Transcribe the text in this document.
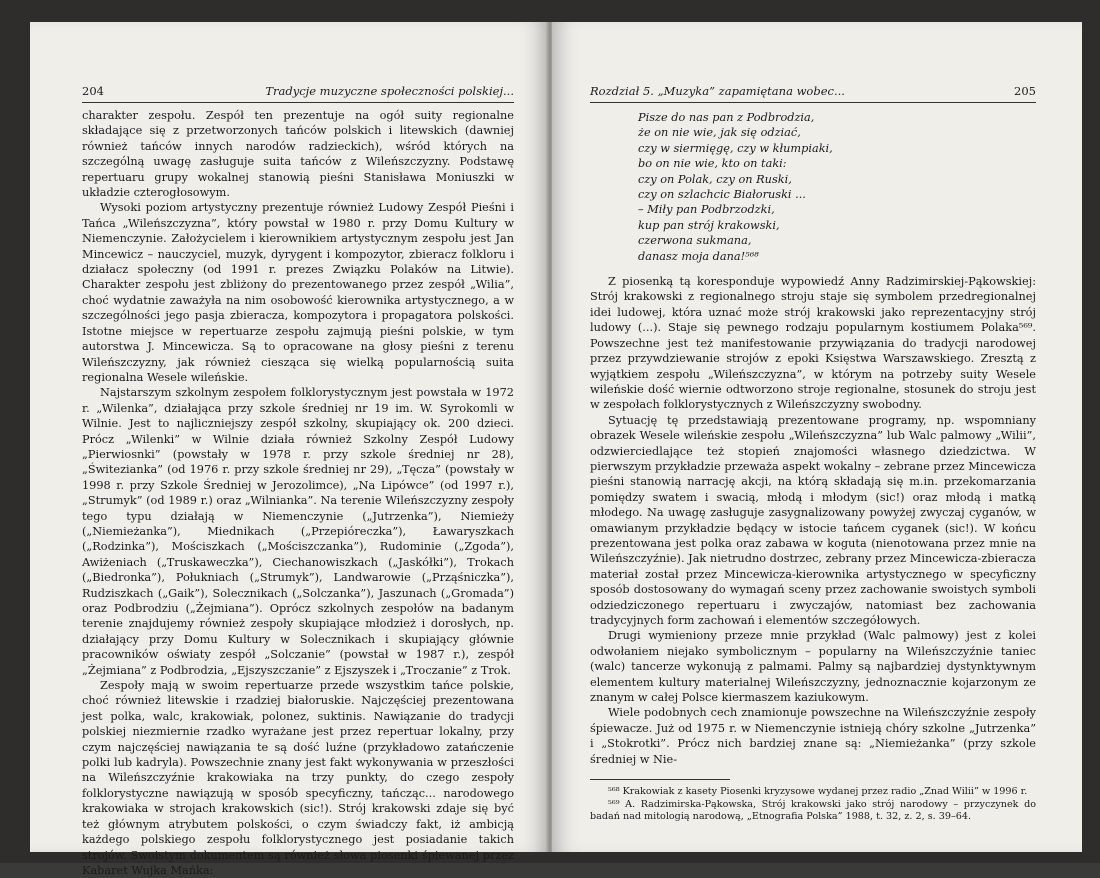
204	Tradycje muzyczne społeczności polskiej...

charakter zespołu. Zespół ten prezentuje na ogół suity regionalne składające się z przetworzonych tańców polskich i litewskich (dawniej również tańców innych narodów radzieckich), wśród których na szczególną uwagę zasługuje suita tańców z Wileńszczyzny. Podstawę repertuaru grupy wokalnej stanowią pieśni Stanisława Moniuszki w układzie czterogłosowym.

Wysoki poziom artystyczny prezentuje również Ludowy Zespół Pieśni i Tańca „Wileńszczyzna”, który powstał w 1980 r. przy Domu Kultury w Niemenczynie. Założycielem i kierownikiem artystycznym zespołu jest Jan Mincewicz – nauczyciel, muzyk, dyrygent i kompozytor, zbieracz folkloru i działacz społeczny (od 1991 r. prezes Związku Polaków na Litwie). Charakter zespołu jest zbliżony do prezentowanego przez zespół „Wilia”, choć wydatnie zaważyła na nim osobowość kierownika artystycznego, a w szczególności jego pasja zbieracza, kompozytora i propagatora polskości. Istotne miejsce w repertuarze zespołu zajmują pieśni polskie, w tym autorstwa J. Mincewicza. Są to opracowane na głosy pieśni z terenu Wileńszczyzny, jak również ciesząca się wielką popularnością suita regionalna Wesele wileńskie.

Najstarszym szkolnym zespołem folklorystycznym jest powstała w 1972 r. „Wilenka”, działająca przy szkole średniej nr 19 im. W. Syrokomli w Wilnie. Jest to najliczniejszy zespół szkolny, skupiający ok. 200 dzieci. Prócz „Wilenki” w Wilnie działa również Szkolny Zespół Ludowy „Pierwiosnki” (powstały w 1978 r. przy szkole średniej nr 28), „Świtezianka” (od 1976 r. przy szkole średniej nr 29), „Tęcza” (powstały w 1998 r. przy Szkole Średniej w Jerozolimce), „Na Lipówce” (od 1997 r.), „Strumyk” (od 1989 r.) oraz „Wilnianka”. Na terenie Wileńszczyzny zespoły tego typu działają w Niemenczynie („Jutrzenka”), Niemieży („Niemieżanka”), Miednikach („Przepióreczka”), Ławaryszkach („Rodzinka”), Mościszkach („Mościszczanka”), Rudominie („Zgoda”), Awiżeniach („Truskaweczka”), Ciechanowiszkach („Jaskółki”), Trokach („Biedronka”), Połukniach („Strumyk”), Landwarowie („Prząśniczka”), Rudziszkach („Gaik”), Solecznikach („Solczanka”), Jaszunach („Gromada”) oraz Podbrodziu („Żejmiana”). Oprócz szkolnych zespołów na badanym terenie znajdujemy również zespoły skupiające młodzież i dorosłych, np. działający przy Domu Kultury w Solecznikach i skupiający głównie pracowników oświaty zespół „Solczanie” (powstał w 1987 r.), zespół „Żejmiana” z Podbrodzia, „Ejszyszczanie” z Ejszyszek i „Troczanie” z Trok.

Zespoły mają w swoim repertuarze przede wszystkim tańce polskie, choć również litewskie i rzadziej białoruskie. Najczęściej prezentowana jest polka, walc, krakowiak, polonez, suktinis. Nawiązanie do tradycji polskiej niezmiernie rzadko wyrażane jest przez repertuar lokalny, przy czym najczęściej nawiązania te są dość luźne (przykładowo zatańczenie polki lub kadryla). Powszechnie znany jest fakt wykonywania w przeszłości na Wileńszczyźnie krakowiaka na trzy punkty, do czego zespoły folklorystyczne nawiązują w sposób specyficzny, tańcząc... narodowego krakowiaka w strojach krakowskich (sic!). Strój krakowski zdaje się być też głównym atrybutem polskości, o czym świadczy fakt, iż ambicją każdego polskiego zespołu folklorystycznego jest posiadanie takich strojów. Swoistym dokumentem są również słowa piosenki śpiewanej przez Kabaret Wujka Mańka:

Rozdział 5. „Muzyka” zapamiętana wobec...	205
Pisze do nas pan z Podbrodzia,
że on nie wie, jak się odziać,
czy w siermięgę, czy w kłumpiaki,
bo on nie wie, kto on taki:
czy on Polak, czy on Ruski,
czy on szlachcic Białoruski ...
– Miły pan Podbrzodzki,
kup pan strój krakowski,
czerwona sukmana,
danasz moja dana!⁵⁶⁸

Z piosenką tą koresponduje wypowiedź Anny Radzimirskiej-Pąkowskiej: Strój krakowski z regionalnego stroju staje się symbolem przedregionalnej idei ludowej, która uznać może strój krakowski jako reprezentacyjny strój ludowy (...). Staje się pewnego rodzaju popularnym kostiumem Polaka⁵⁶⁹. Powszechne jest też manifestowanie przywiązania do tradycji narodowej przez przywdziewanie strojów z epoki Księstwa Warszawskiego. Zresztą z wyjątkiem zespołu „Wileńszczyzna”, w którym na potrzeby suity Wesele wileńskie dość wiernie odtworzono stroje regionalne, stosunek do stroju jest w zespołach folklorystycznych z Wileńszczyzny swobodny.

Sytuację tę przedstawiają prezentowane programy, np. wspomniany obrazek Wesele wileńskie zespołu „Wileńszczyzna” lub Walc palmowy „Wilii”, odzwierciedlające też stopień znajomości własnego dziedzictwa. W pierwszym przykładzie przeważa aspekt wokalny – zebrane przez Mincewicza pieśni stanowią narrację akcji, na którą składają się m.in. przekomarzania pomiędzy swatem i swacią, młodą i młodym (sic!) oraz młodą i matką młodego. Na uwagę zasługuje zasygnalizowany powyżej zwyczaj cyganów, w omawianym przykładzie będący w istocie tańcem cyganek (sic!). W końcu prezentowana jest polka oraz zabawa w koguta (nienotowana przez mnie na Wileńszczyźnie). Jak nietrudno dostrzec, zebrany przez Mincewicza-zbieracza materiał został przez Mincewicza-kierownika artystycznego w specyficzny sposób dostosowany do wymagań sceny przez zachowanie swoistych symboli odziedziczonego repertuaru i zwyczajów, natomiast bez zachowania tradycyjnych form zachowań i elementów szczegółowych.

Drugi wymieniony przeze mnie przykład (Walc palmowy) jest z kolei odwołaniem niejako symbolicznym – popularny na Wileńszczyźnie taniec (walc) tancerze wykonują z palmami. Palmy są najbardziej dystynktywnym elementem kultury materialnej Wileńszczyzny, jednoznacznie kojarzonym ze znanym w całej Polsce kiermaszem kaziukowym.

Wiele podobnych cech znamionuje powszechne na Wileńszczyźnie zespoły śpiewacze. Już od 1975 r. w Niemenczynie istnieją chóry szkolne „Jutrzenka” i „Stokrotki”. Prócz nich bardziej znane są: „Niemieżanka” (przy szkole średniej w Nie-

⁵⁶⁸ Krakowiak z kasety Piosenki kryzysowe wydanej przez radio „Znad Wilii” w 1996 r.

⁵⁶⁹ A. Radzimirska-Pąkowska, Strój krakowski jako strój narodowy – przyczynek do badań nad mitologią narodową, „Etnografia Polska” 1988, t. 32, z. 2, s. 39–64.
